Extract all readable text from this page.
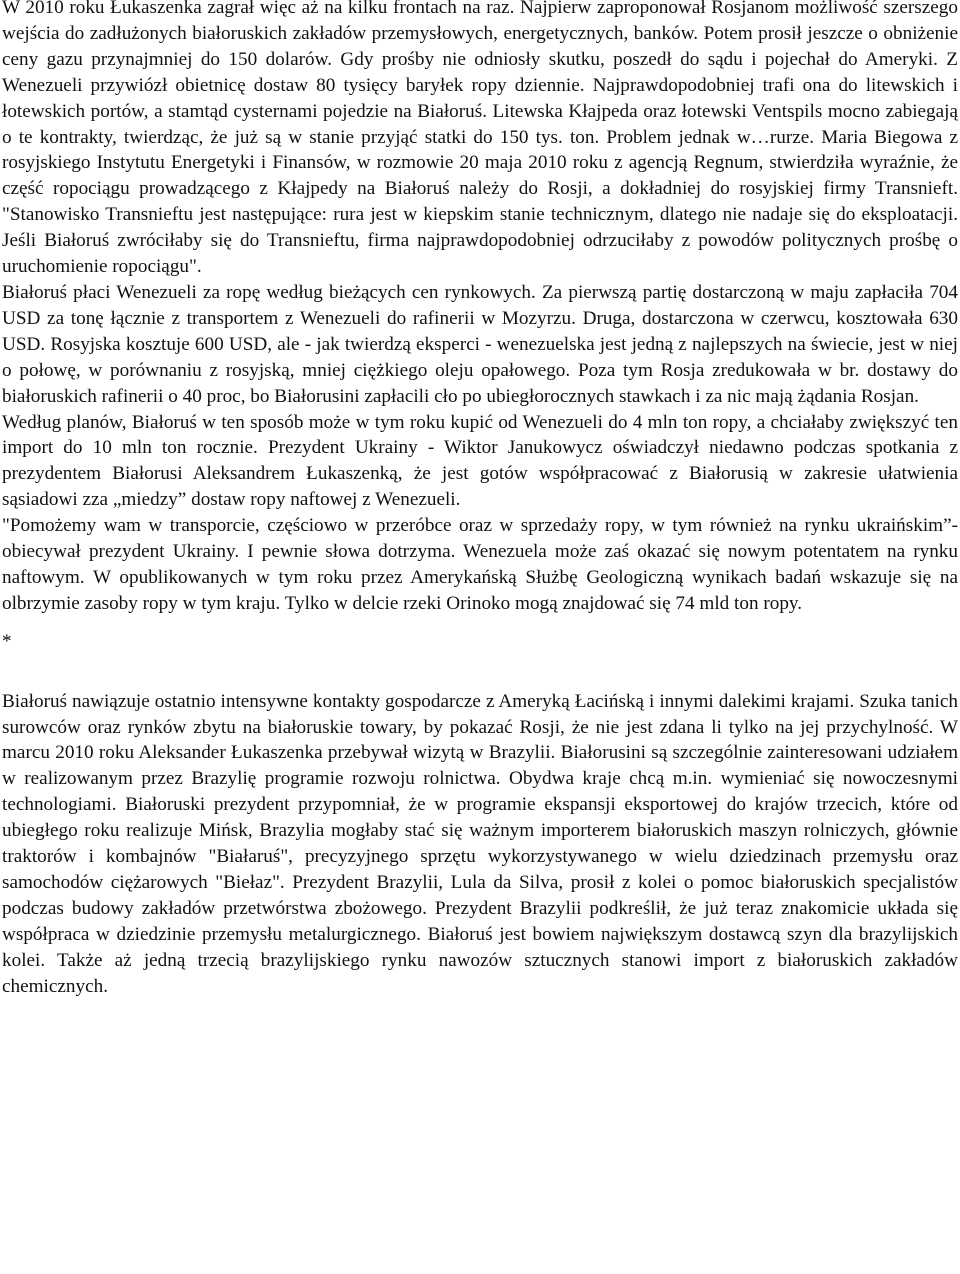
W 2010 roku Łukaszenka zagrał więc aż na kilku frontach na raz. Najpierw zaproponował Rosjanom możliwość szerszego wejścia do zadłużonych białoruskich zakładów przemysłowych, energetycznych, banków. Potem prosił jeszcze o obniżenie ceny gazu przynajmniej do 150 dolarów. Gdy prośby nie odniosły skutku, poszedł do sądu i pojechał do Ameryki. Z Wenezueli przywiózł obietnicę dostaw 80 tysięcy baryłek ropy dziennie. Najprawdopodobniej trafi ona do litewskich i łotewskich portów, a stamtąd cysternami pojedzie na Białoruś. Litewska Kłajpeda oraz łotewski Ventspils mocno zabiegają o te kontrakty, twierdząc, że już są w stanie przyjąć statki do 150 tys. ton. Problem jednak w…rurze. Maria Biegowa z rosyjskiego Instytutu Energetyki i Finansów, w rozmowie 20 maja 2010 roku z agencją Regnum, stwierdziła wyraźnie, że część ropociągu prowadzącego z Kłajpedy na Białoruś należy do Rosji, a dokładniej do rosyjskiej firmy Transnieft. "Stanowisko Transnieftu jest następujące: rura jest w kiepskim stanie technicznym, dlatego nie nadaje się do eksploatacji. Jeśli Białoruś zwróciłaby się do Transnieftu, firma najprawdopodobniej odrzuciłaby z powodów politycznych prośbę o uruchomienie ropociągu".

Białoruś płaci Wenezueli za ropę według bieżących cen rynkowych. Za pierwszą partię dostarczoną w maju zapłaciła 704 USD za tonę łącznie z transportem z Wenezueli do rafinerii w Mozyrzu. Druga, dostarczona w czerwcu, kosztowała 630 USD. Rosyjska kosztuje 600 USD, ale - jak twierdzą eksperci - wenezuelska jest jedną z najlepszych na świecie, jest w niej o połowę, w porównaniu z rosyjską, mniej ciężkiego oleju opałowego. Poza tym Rosja zredukowała w br. dostawy do białoruskich rafinerii o 40 proc, bo Białorusini zapłacili cło po ubiegłorocznych stawkach i za nic mają żądania Rosjan.

Według planów, Białoruś w ten sposób może w tym roku kupić od Wenezueli do 4 mln ton ropy, a chciałaby zwiększyć ten import do 10 mln ton rocznie. Prezydent Ukrainy - Wiktor Janukowycz oświadczył niedawno podczas spotkania z prezydentem Białorusi Aleksandrem Łukaszenką, że jest gotów współpracować z Białorusią w zakresie ułatwienia sąsiadowi zza „miedzy” dostaw ropy naftowej z Wenezueli.

"Pomożemy wam w transporcie, częściowo w przeróbce oraz w sprzedaży ropy, w tym również na rynku ukraińskim”- obiecywał prezydent Ukrainy. I pewnie słowa dotrzyma. Wenezuela może zaś okazać się nowym potentatem na rynku naftowym. W opublikowanych w tym roku przez Amerykańską Służbę Geologiczną wynikach badań wskazuje się na olbrzymie zasoby ropy w tym kraju. Tylko w delcie rzeki Orinoko mogą znajdować się 74 mld ton ropy.

*

Białoruś nawiązuje ostatnio intensywne kontakty gospodarcze z Ameryką Łacińską i innymi dalekimi krajami. Szuka tanich surowców oraz rynków zbytu na białoruskie towary, by pokazać Rosji, że nie jest zdana li tylko na jej przychylność. W marcu 2010 roku Aleksander Łukaszenka przebywał wizytą w Brazylii. Białorusini są szczególnie zainteresowani udziałem w realizowanym przez Brazylię programie rozwoju rolnictwa. Obydwa kraje chcą m.in. wymieniać się nowoczesnymi technologiami. Białoruski prezydent przypomniał, że w programie ekspansji eksportowej do krajów trzecich, które od ubiegłego roku realizuje Mińsk, Brazylia mogłaby stać się ważnym importerem białoruskich maszyn rolniczych, głównie traktorów i kombajnów "Białaruś", precyzyjnego sprzętu wykorzystywanego w wielu dziedzinach przemysłu oraz samochodów ciężarowych "Biełaz". Prezydent Brazylii, Lula da Silva, prosił z kolei o pomoc białoruskich specjalistów podczas budowy zakładów przetwórstwa zbożowego. Prezydent Brazylii podkreślił, że już teraz znakomicie układa się współpraca w dziedzinie przemysłu metalurgicznego. Białoruś jest bowiem największym dostawcą szyn dla brazylijskich kolei. Także aż jedną trzecią brazylijskiego rynku nawozów sztucznych stanowi import z białoruskich zakładów chemicznych.
